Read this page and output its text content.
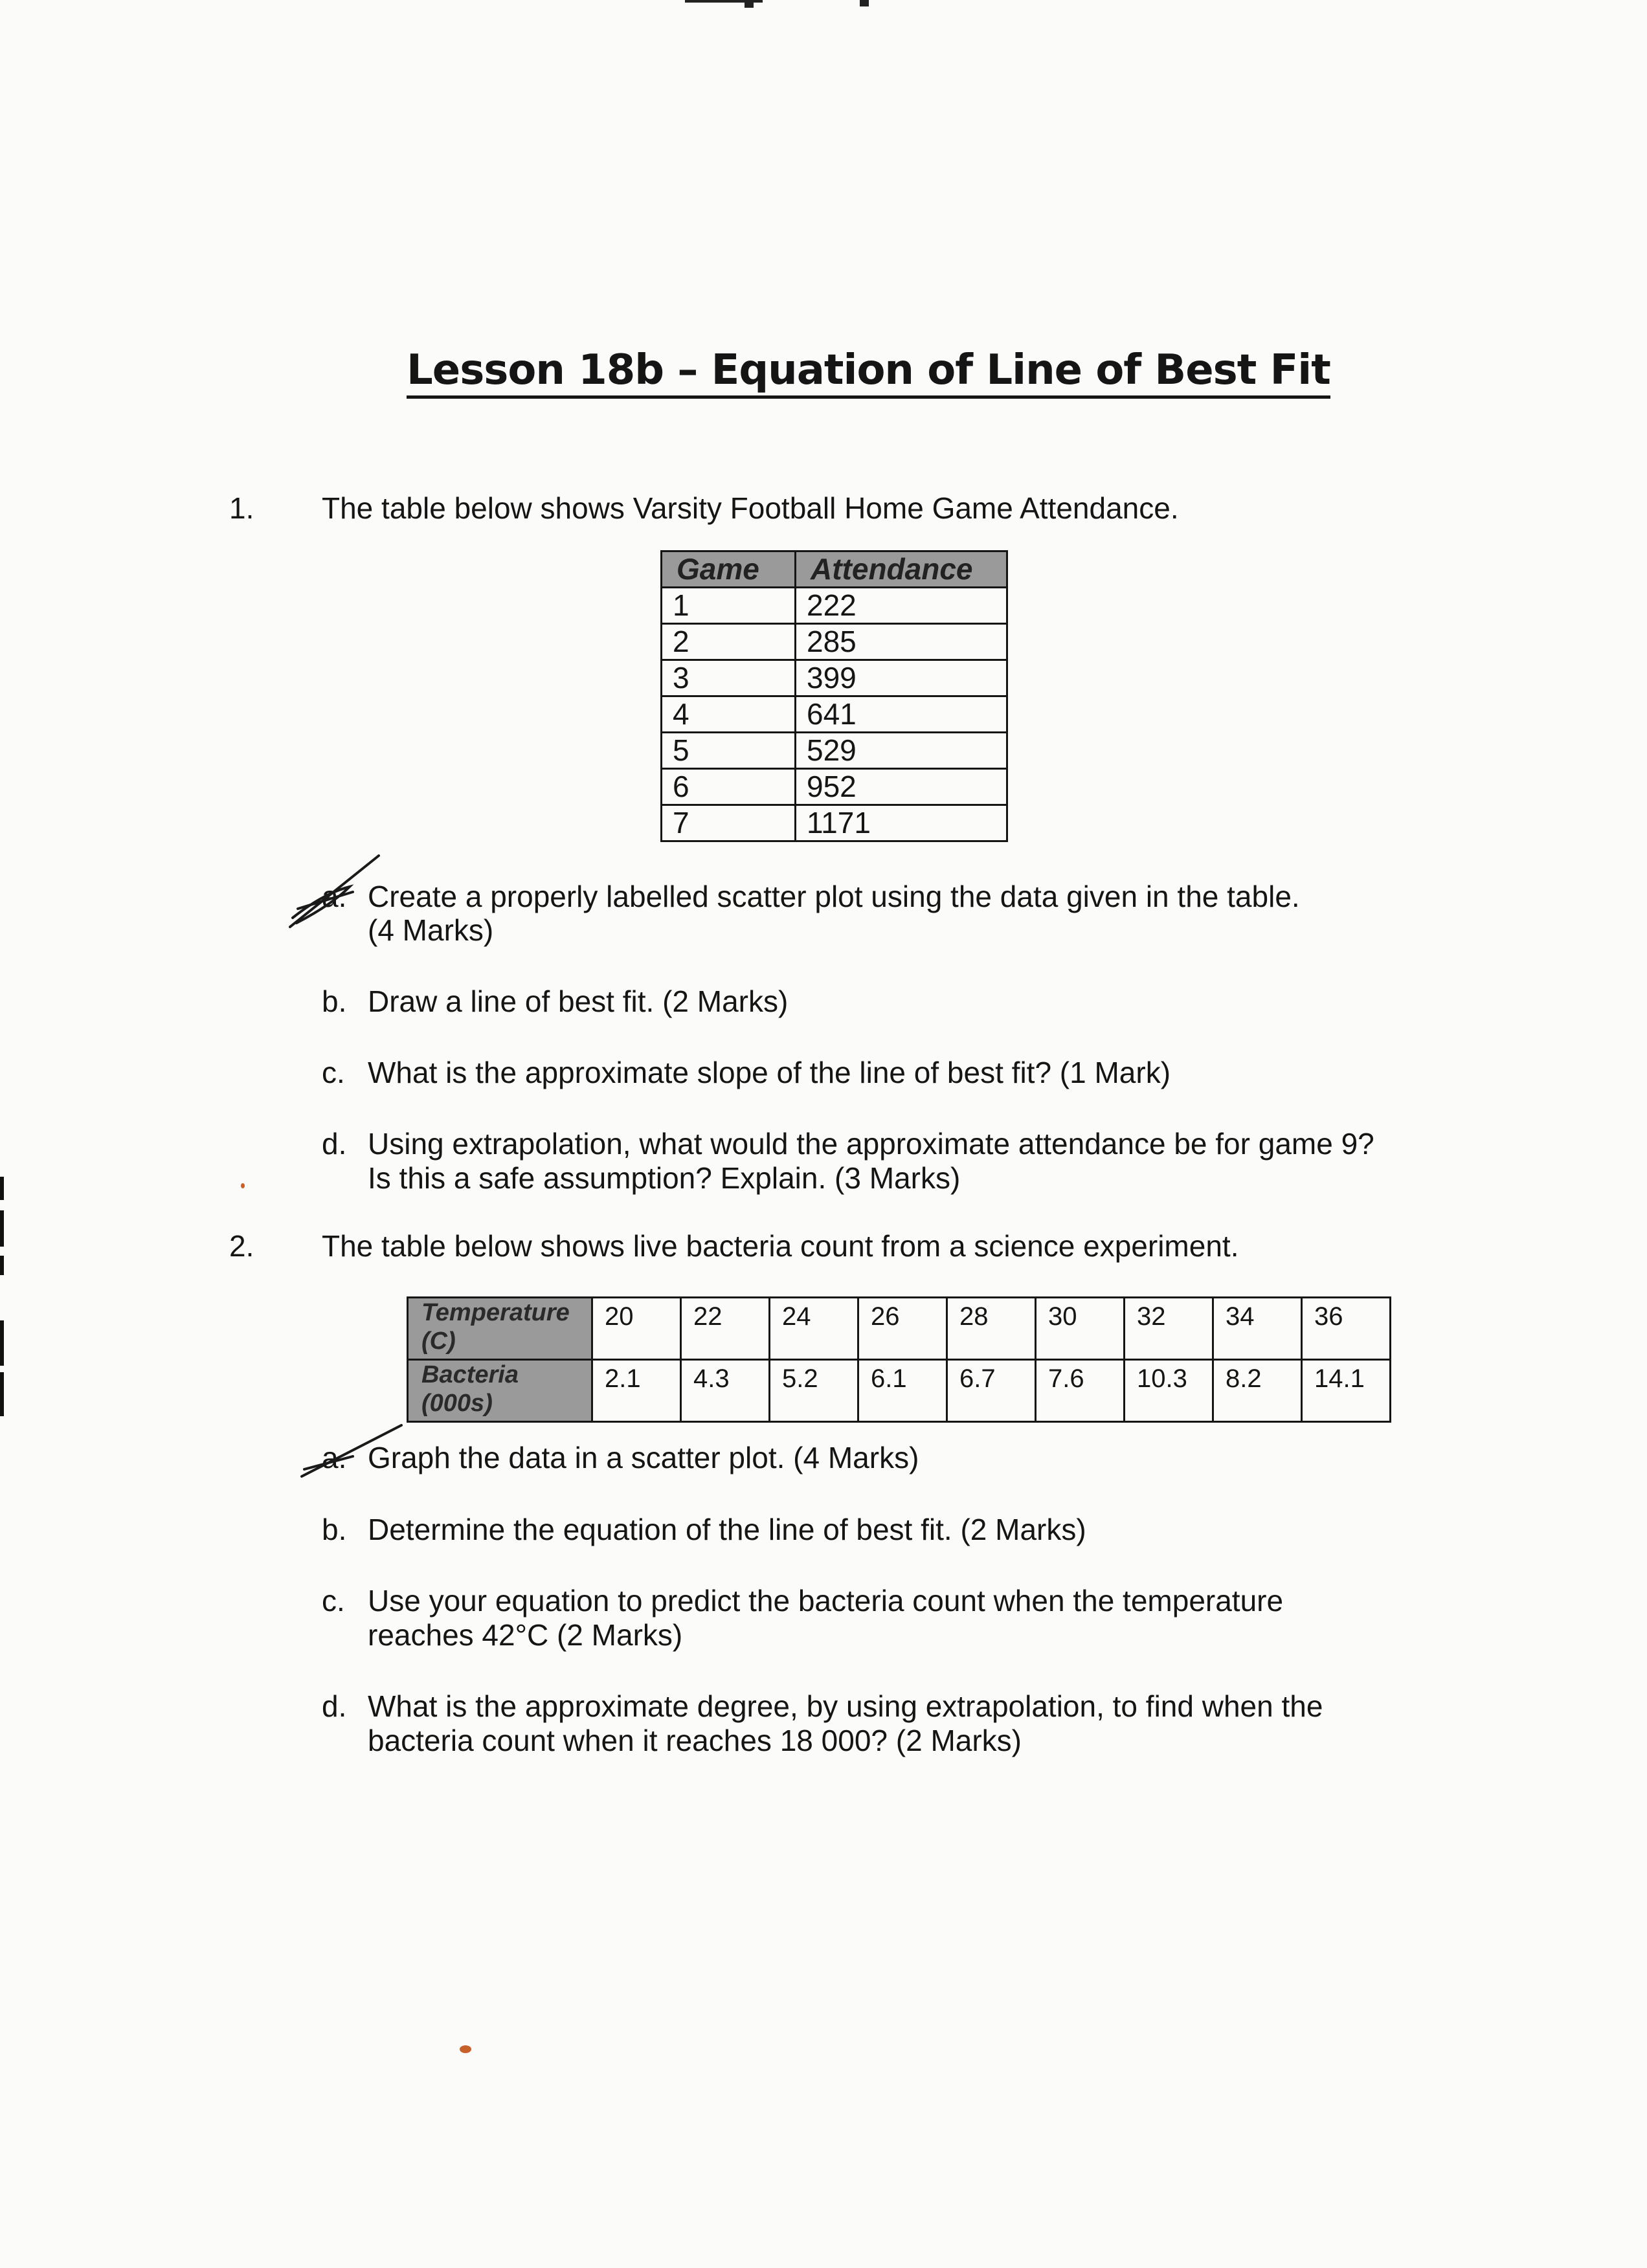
Lesson 18b – Equation of Line of Best Fit
1. The table below shows Varsity Football Home Game Attendance.
Game	Attendance
1	222
2	285
3	399
4	641
5	529
6	952
7	1171
a. Create a properly labelled scatter plot using the data given in the table.
(4 Marks)
b. Draw a line of best fit. (2 Marks)
c. What is the approximate slope of the line of best fit? (1 Mark)
d. Using extrapolation, what would the approximate attendance be for game 9?
Is this a safe assumption? Explain. (3 Marks)
2. The table below shows live bacteria count from a science experiment.
Temperature
(C)	20	22	24	26	28	30	32	34	36
Bacteria
(000s)	2.1	4.3	5.2	6.1	6.7	7.6	10.3	8.2	14.1
a. Graph the data in a scatter plot. (4 Marks)
b. Determine the equation of the line of best fit. (2 Marks)
c. Use your equation to predict the bacteria count when the temperature
reaches 42°C (2 Marks)
d. What is the approximate degree, by using extrapolation, to find when the
bacteria count when it reaches 18 000? (2 Marks)
